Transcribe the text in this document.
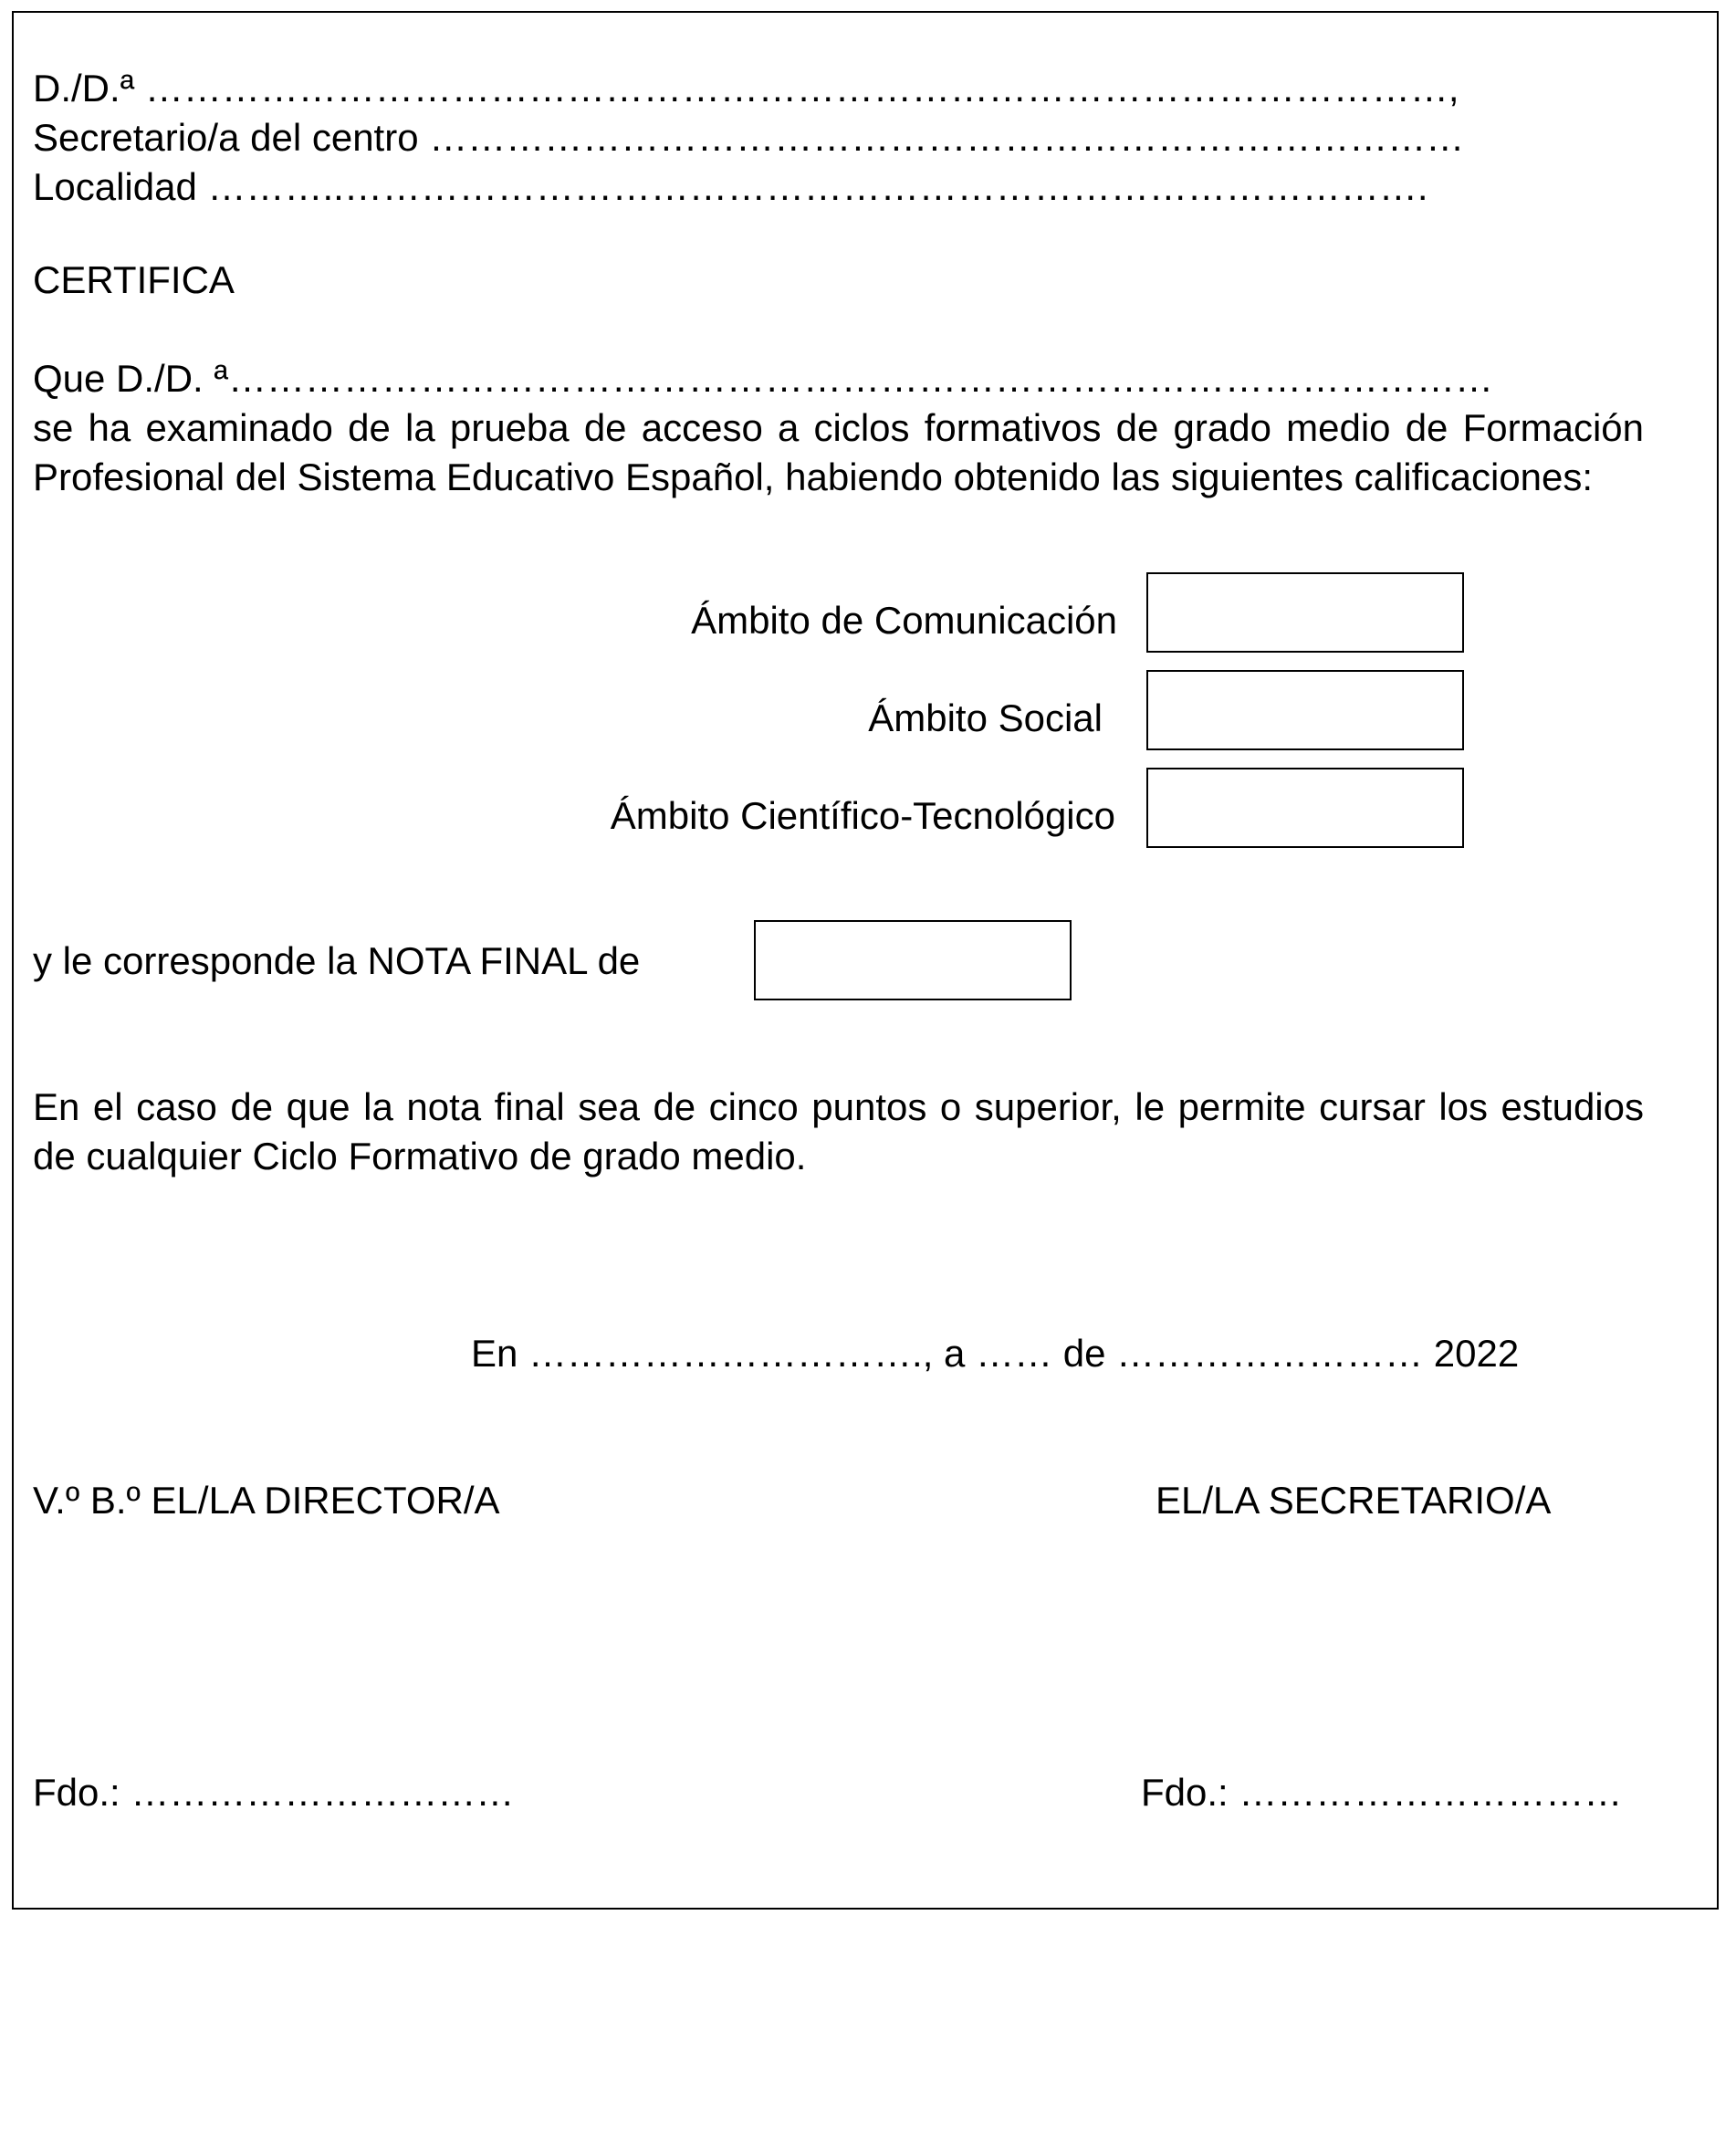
D./D.ª …………………………………………………………………………………………,
Secretario/a del centro ………………………………………………………………………
Localidad ………..………………………………………………………………………….
CERTIFICA
Que D./D. ª………………………………………………………………………………………
se ha examinado de la prueba de acceso a ciclos formativos de grado medio de Formación Profesional del Sistema Educativo Español, habiendo obtenido las siguientes calificaciones:
Ámbito de Comunicación
Ámbito Social
Ámbito Científico-Tecnológico
y le corresponde la NOTA FINAL de
En el caso de que la nota final sea de cinco puntos o superior, le permite cursar los estudios de cualquier Ciclo Formativo de grado medio.
En …………………………., a …… de …………………… 2022
V.º B.º EL/LA DIRECTOR/A	EL/LA SECRETARIO/A
Fdo.: …………………………	Fdo.: …………………………
